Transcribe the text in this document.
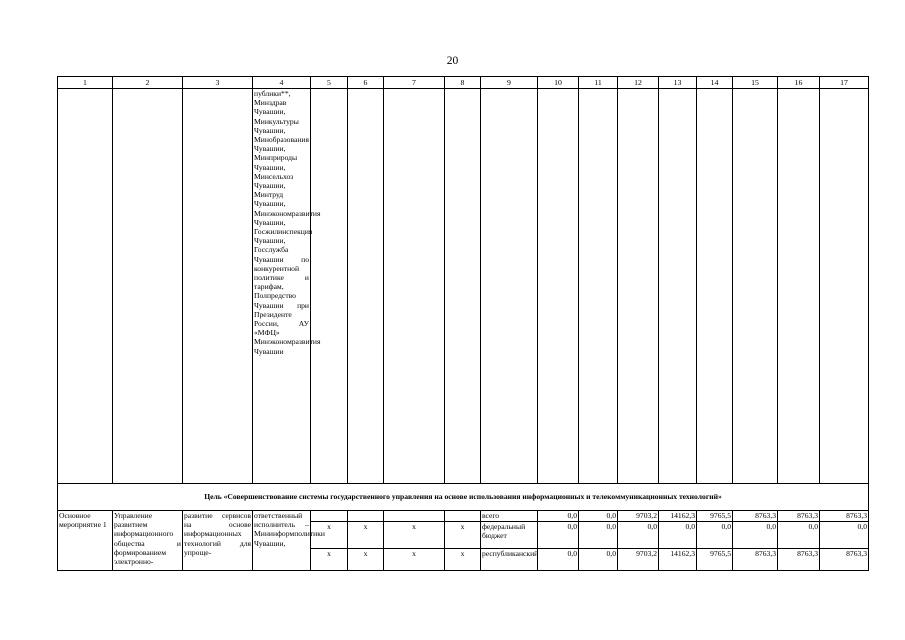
20
1	2	3	4	5	6	7	8	9	10	11	12	13	14	15	16	17
			публики**, Минздрав Чувашии, Минкультуры Чувашии, Минобразования Чувашии, Минприроды Чувашии, Минсельхоз Чувашии, Минтруд Чувашии, Минэкономразвития Чувашии, Госжилинспекция Чувашии, Госслужба Чувашии по конкурентной политике и тарифам, Полпредство Чувашии при Президенте России, АУ «МФЦ» Минэкономразвития Чувашии													
Цель «Совершенствование системы государственного управления на основе использования информационных и телекоммуникационных технологий»																
Основное мероприятие 1	Управление развитием информационного общества и формированием электронно-	развитие сервисов на основе информационных технологий для упроще-	ответственный исполнитель – Мининформполитики Чувашии,					всего	0,0	0,0	9703,2	14162,3	9765,5	8763,3	8763,3	8763,3
				x	x	x	x	федеральный бюджет	0,0	0,0	0,0	0,0	0,0	0,0	0,0	0,0
				x	x	x	x	республиканский	0,0	0,0	9703,2	14162,3	9765,5	8763,3	8763,3	8763,3
